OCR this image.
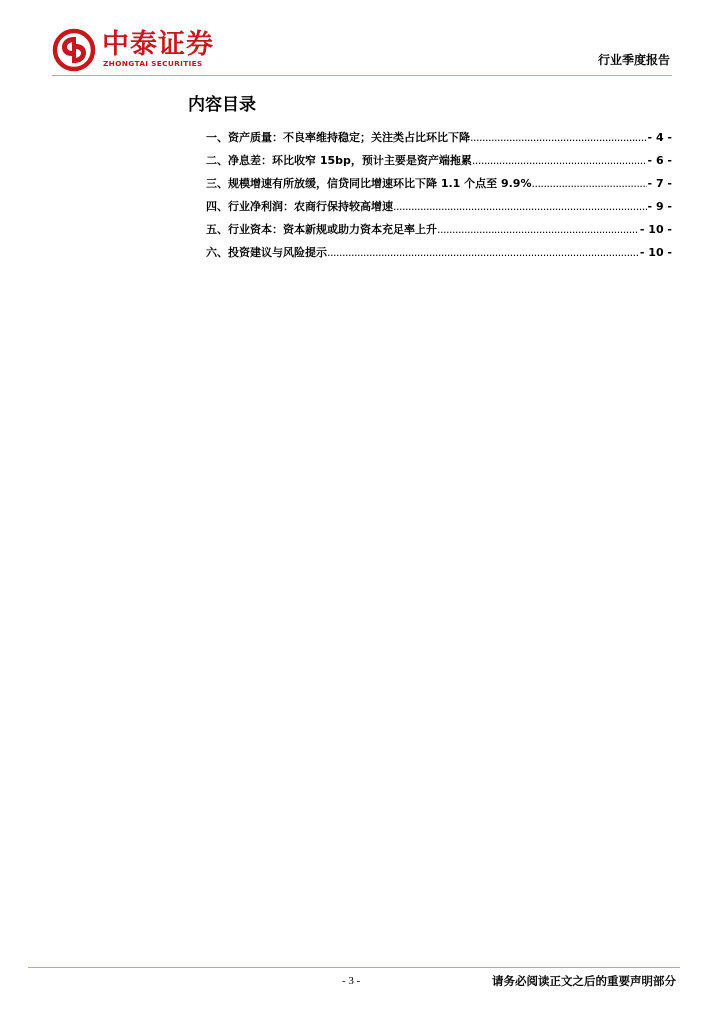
中泰证券
ZHONGTAI SECURITIES	行业季度报告
内容目录
一、资产质量：不良率维持稳定；关注类占比环比下降 .....	- 4 -
二、净息差：环比收窄 15bp，预计主要是资产端拖累 .....	- 6 -
三、规模增速有所放缓，信贷同比增速环比下降 1.1 个点至 9.9% .....	- 7 -
四、行业净利润：农商行保持较高增速 .....	- 9 -
五、行业资本：资本新规或助力资本充足率上升 .....	- 10 -
六、投资建议与风险提示 .....	- 10 -
- 3 -	请务必阅读正文之后的重要声明部分
